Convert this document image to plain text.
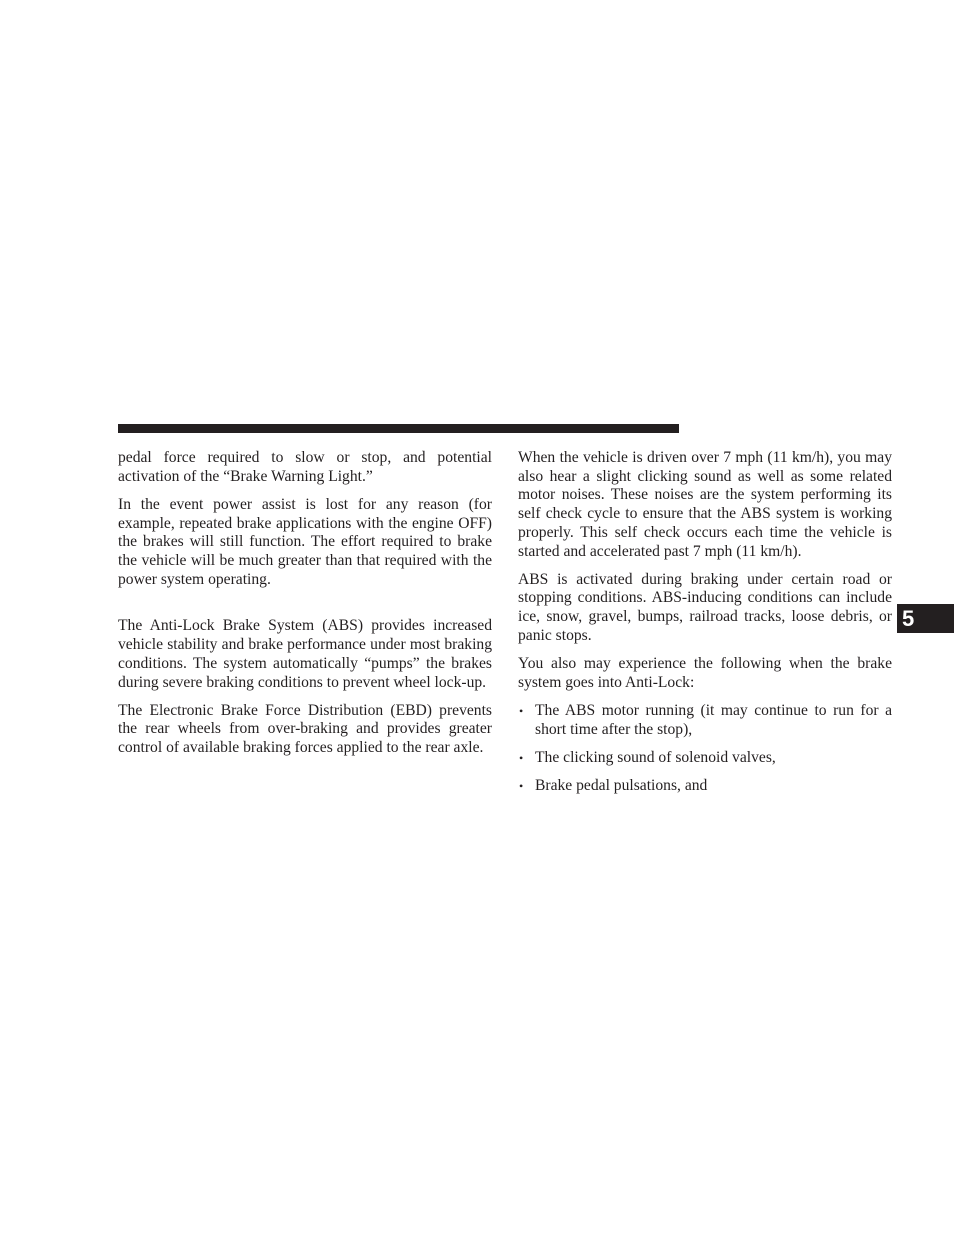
pedal force required to slow or stop, and potential activation of the “Brake Warning Light.”

In the event power assist is lost for any reason (for example, repeated brake applications with the engine OFF) the brakes will still function. The effort required to brake the vehicle will be much greater than that required with the power system operating.

The Anti-Lock Brake System (ABS) provides increased vehicle stability and brake performance under most braking conditions. The system automatically “pumps” the brakes during severe braking conditions to prevent wheel lock-up.

The Electronic Brake Force Distribution (EBD) prevents the rear wheels from over-braking and provides greater control of available braking forces applied to the rear axle.

When the vehicle is driven over 7 mph (11 km/h), you may also hear a slight clicking sound as well as some related motor noises. These noises are the system performing its self check cycle to ensure that the ABS system is working properly. This self check occurs each time the vehicle is started and accelerated past 7 mph (11 km/h).

ABS is activated during braking under certain road or stopping conditions. ABS-inducing conditions can include ice, snow, gravel, bumps, railroad tracks, loose debris, or panic stops.

You also may experience the following when the brake system goes into Anti-Lock:

• The ABS motor running (it may continue to run for a short time after the stop),
• The clicking sound of solenoid valves,
• Brake pedal pulsations, and
5
